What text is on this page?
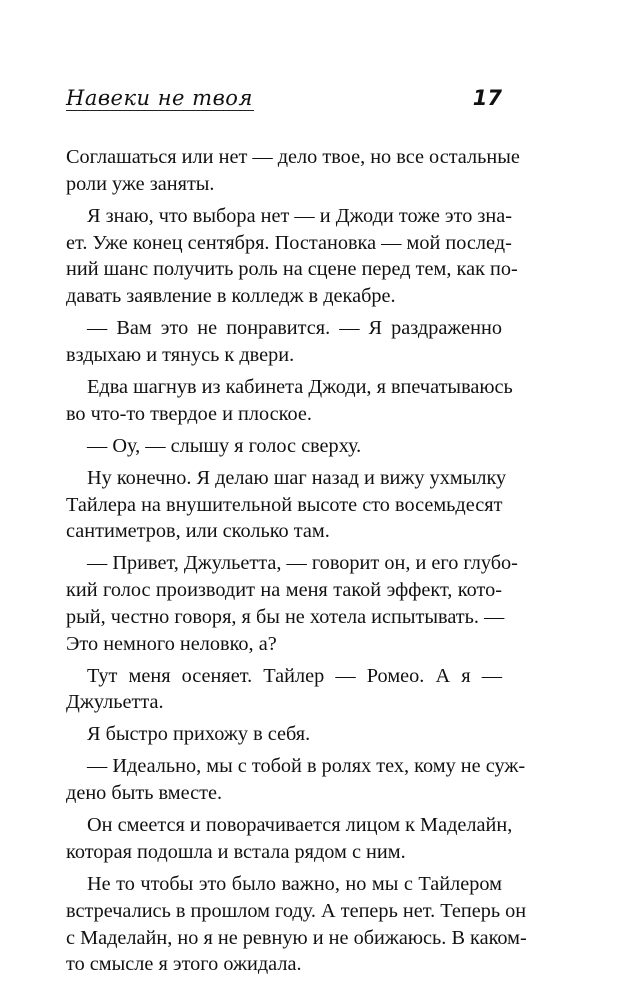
Навеки не твоя	17
Соглашаться или нет — дело твое, но все остальные
роли уже заняты.
Я знаю, что выбора нет — и Джоди тоже это зна-
ет. Уже конец сентября. Постановка — мой послед-
ний шанс получить роль на сцене перед тем, как по-
давать заявление в колледж в декабре.
— Вам это не понравится. — Я раздраженно
вздыхаю и тянусь к двери.
Едва шагнув из кабинета Джоди, я впечатываюсь
во что-то твердое и плоское.
— Оу, — слышу я голос сверху.
Ну конечно. Я делаю шаг назад и вижу ухмылку
Тайлера на внушительной высоте сто восемьдесят
сантиметров, или сколько там.
— Привет, Джульетта, — говорит он, и его глубо-
кий голос производит на меня такой эффект, кото-
рый, честно говоря, я бы не хотела испытывать. —
Это немного неловко, а?
Тут меня осеняет. Тайлер — Ромео. А я —
Джульетта.
Я быстро прихожу в себя.
— Идеально, мы с тобой в ролях тех, кому не суж-
дено быть вместе.
Он смеется и поворачивается лицом к Маделайн,
которая подошла и встала рядом с ним.
Не то чтобы это было важно, но мы с Тайлером
встречались в прошлом году. А теперь нет. Теперь он
с Маделайн, но я не ревную и не обижаюсь. В каком-
то смысле я этого ожидала.
